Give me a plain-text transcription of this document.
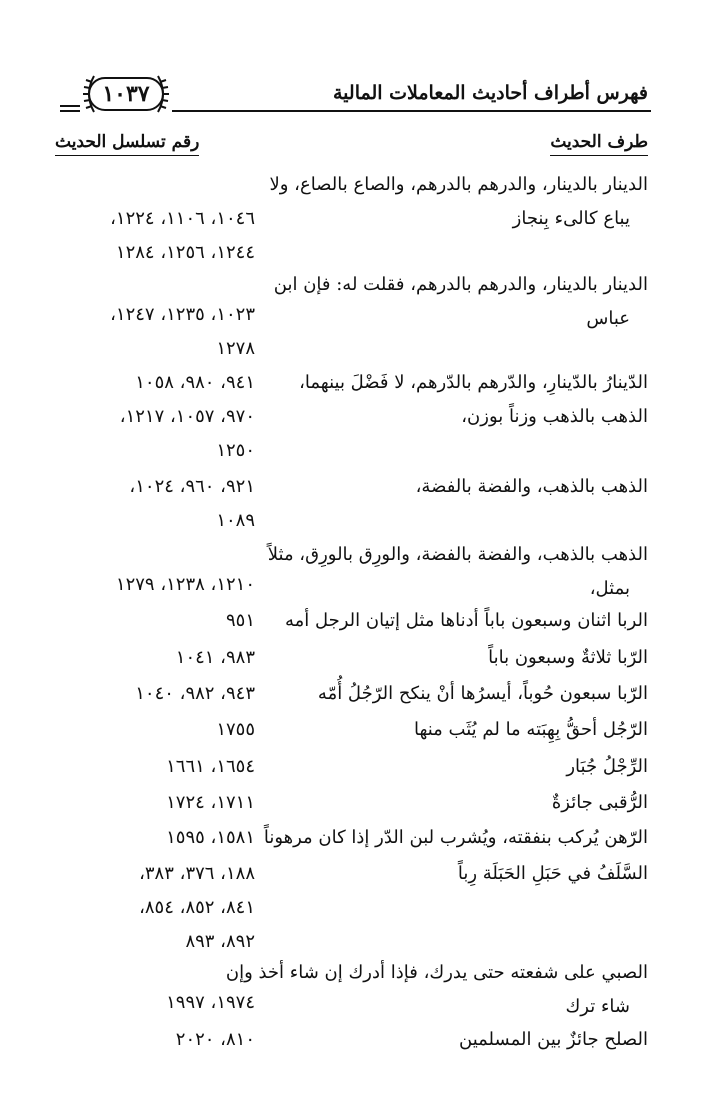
فهرس أطراف أحاديث المعاملات المالية
١٠٣٧
طرف الحديث
رقم تسلسل الحديث
الدينار بالدينار، والدرهم بالدرهم، والصاع بالصاع، ولا
يباع كالىء بِنجاز
١٠٤٦، ١١٠٦، ١٢٢٤،
١٢٤٤، ١٢٥٦، ١٢٨٤
الدينار بالدينار، والدرهم بالدرهم، فقلت له: فإن ابن
عباس
١٠٢٣، ١٢٣٥، ١٢٤٧،
١٢٧٨
الدّينارُ بالدّينارِ، والدّرهم بالدّرهم، لا فَضْلَ بينهما،
٩٤١، ٩٨٠، ١٠٥٨
الذهب بالذهب وزناً بوزن،
٩٧٠، ١٠٥٧، ١٢١٧،
١٢٥٠
الذهب بالذهب، والفضة بالفضة،
٩٢١، ٩٦٠، ١٠٢٤،
١٠٨٩
الذهب بالذهب، والفضة بالفضة، والورِق بالورِق، مثلاً
بمثل،
١٢١٠، ١٢٣٨، ١٢٧٩
الربا اثنان وسبعون باباً أدناها مثل إتيان الرجل أمه
٩٥١
الرّبا ثلاثةٌ وسبعون باباً
٩٨٣، ١٠٤١
الرّبا سبعون حُوباً، أيسرُها أنْ ينكح الرّجُلُ أُمّه
٩٤٣، ٩٨٢، ١٠٤٠
الرّجُل أحقُّ بِهِبَته ما لم يُثَب منها
١٧٥٥
الرِّجْلُ جُبَار
١٦٥٤، ١٦٦١
الرُّقبى جائزةٌ
١٧١١، ١٧٢٤
الرّهن يُركب بنفقته، ويُشرب لبن الدّر إذا كان مرهوناً
١٥٨١، ١٥٩٥
السَّلَفُ في حَبَلِ الحَبَلَة رِباً
١٨٨، ٣٧٦، ٣٨٣،
٨٤١، ٨٥٢، ٨٥٤،
٨٩٢، ٨٩٣
الصبي على شفعته حتى يدرك، فإذا أدرك إن شاء أخذ وإن
شاء ترك
١٩٧٤، ١٩٩٧
الصلح جائزٌ بين المسلمين
٨١٠، ٢٠٢٠
